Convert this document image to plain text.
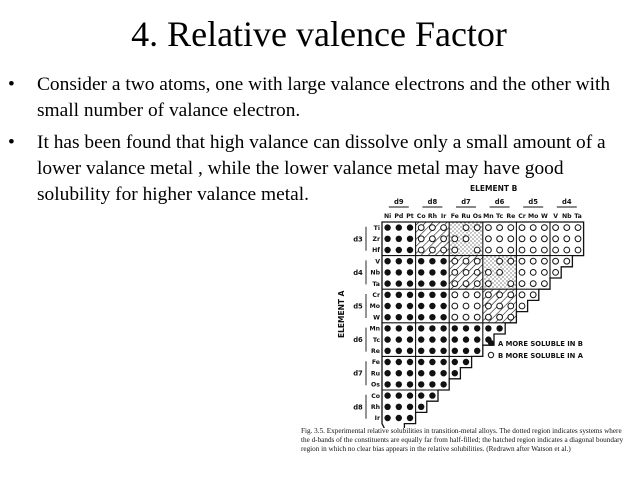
4. Relative valence Factor
• Consider a two atoms, one with large valance electrons and the other with small number of valance electron.
• It has been found that high valance can dissolve only a small amount of a lower valance metal , while the lower valance metal may have good solubility for higher valance metal.
Ni Pd Pt Co Rh Ir Fe Ru Os Mn Tc Re Cr Mo W V Nb Ta
d9	d8	d7	d6	d5	d4
Ti
Zr
Hf
V
Nb
Ta
Cr
Mo
W
Mn
Tc
Re
Fe
Ru
Os
Co
Rh
Ir
d3
d4
d5
d6
d7
d8
ELEMENT B
ELEMENT A
A MORE SOLUBLE IN B
B MORE SOLUBLE IN A
Fig. 3.5. Experimental relative solubilities in transition-metal alloys. The dotted region indicates systems where the d-bands of the constituents are equally far from half-filled; the hatched region indicates a diagonal boundary region in which no clear bias appears in the relative solubilities. (Redrawn after Watson et al.)
